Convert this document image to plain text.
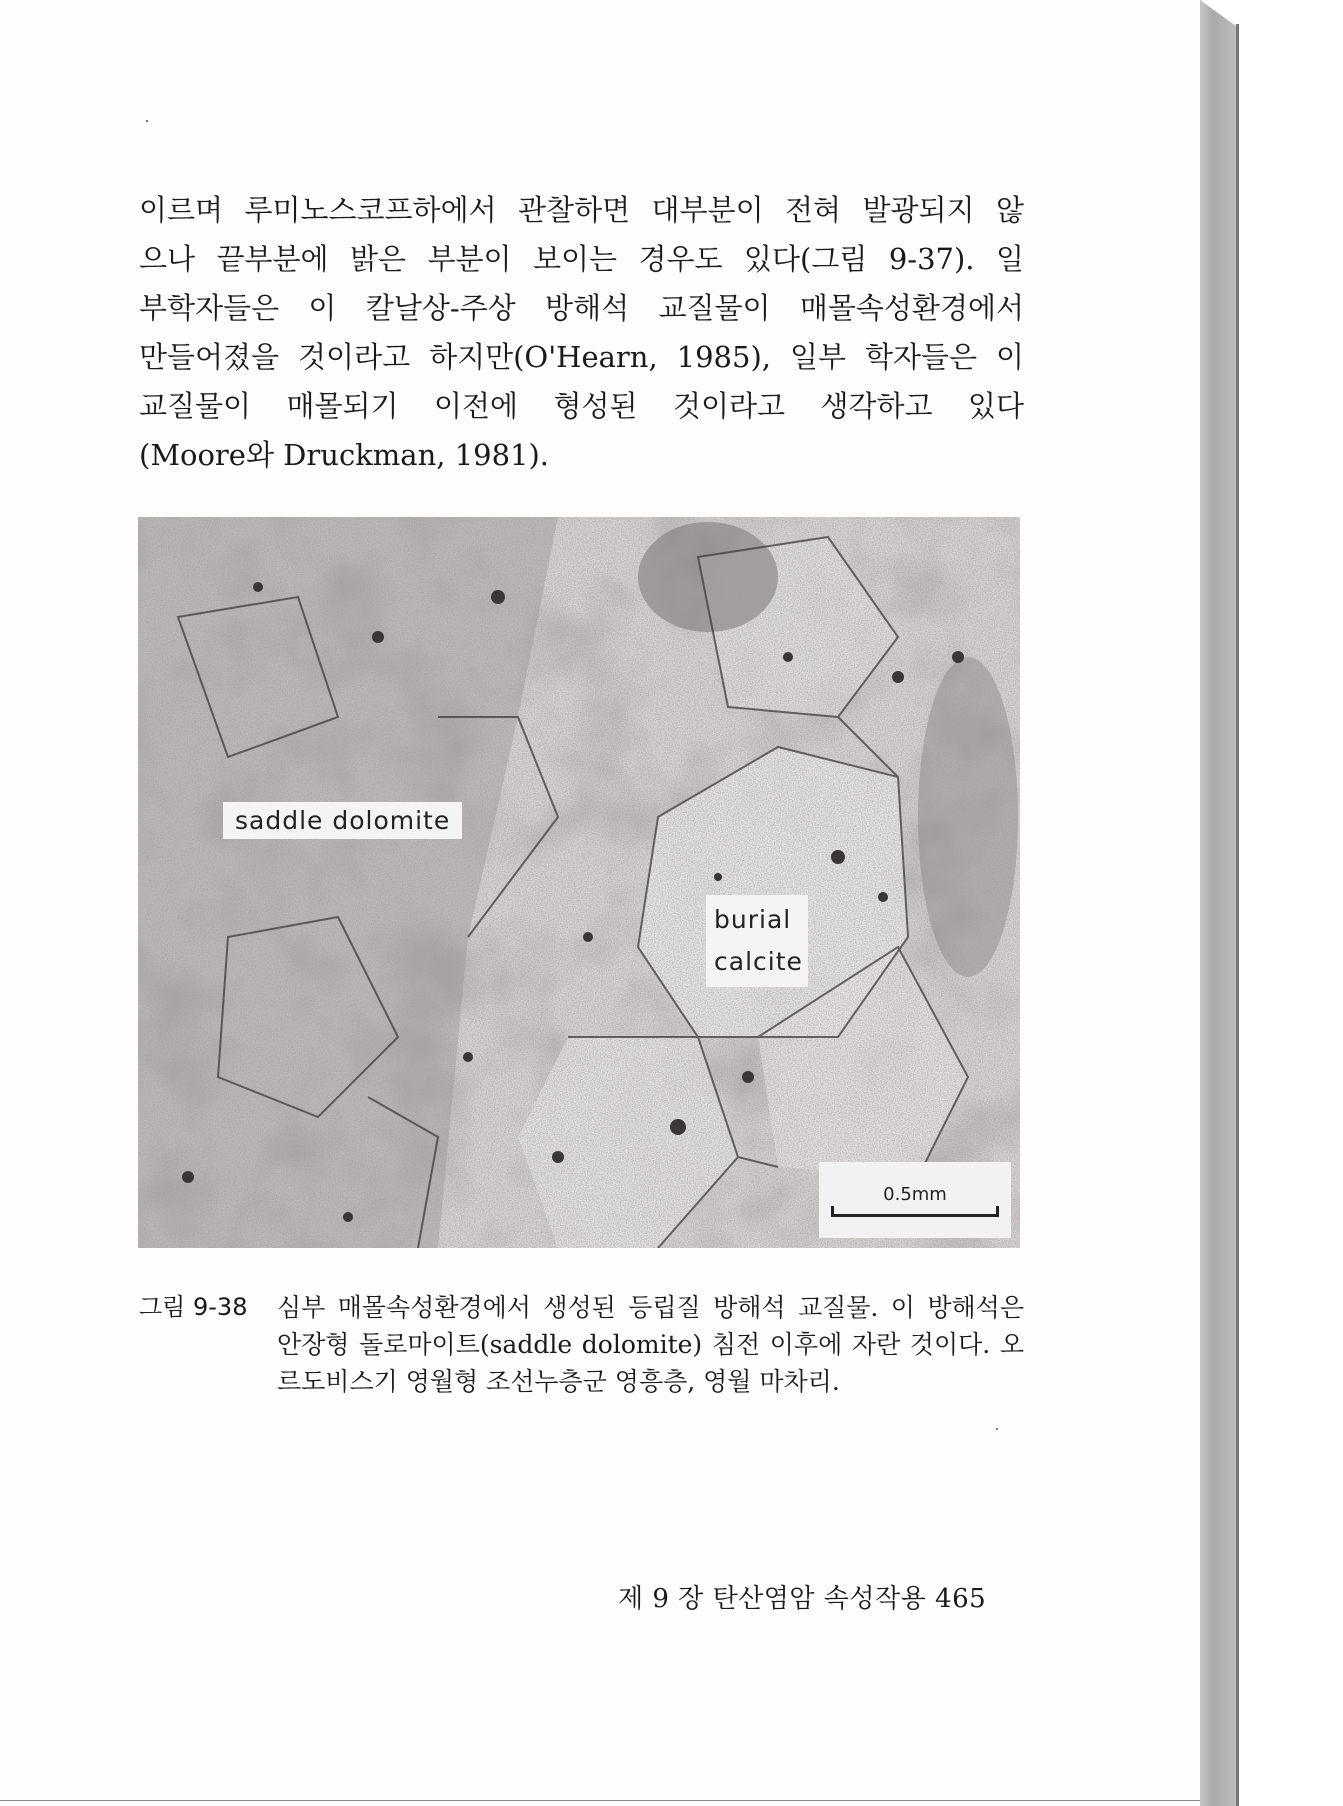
이르며 루미노스코프하에서 관찰하면 대부분이 전혀 발광되지 않
으나 끝부분에 밝은 부분이 보이는 경우도 있다(그림 9-37). 일
부학자들은 이 칼날상-주상 방해석 교질물이 매몰속성환경에서
만들어졌을 것이라고 하지만(O'Hearn, 1985), 일부 학자들은 이
교질물이 매몰되기 이전에 형성된 것이라고 생각하고 있다
(Moore와 Druckman, 1981).

saddle dolomite
burial
calcite
0.5mm
그림 9-38 심부 매몰속성환경에서 생성된 등립질 방해석 교질물. 이 방해석은 안장형 돌로마이트(saddle dolomite) 침전 이후에 자란 것이다. 오르도비스기 영월형 조선누층군 영흥층, 영월 마차리.
제 9 장 탄산염암 속성작용 465
